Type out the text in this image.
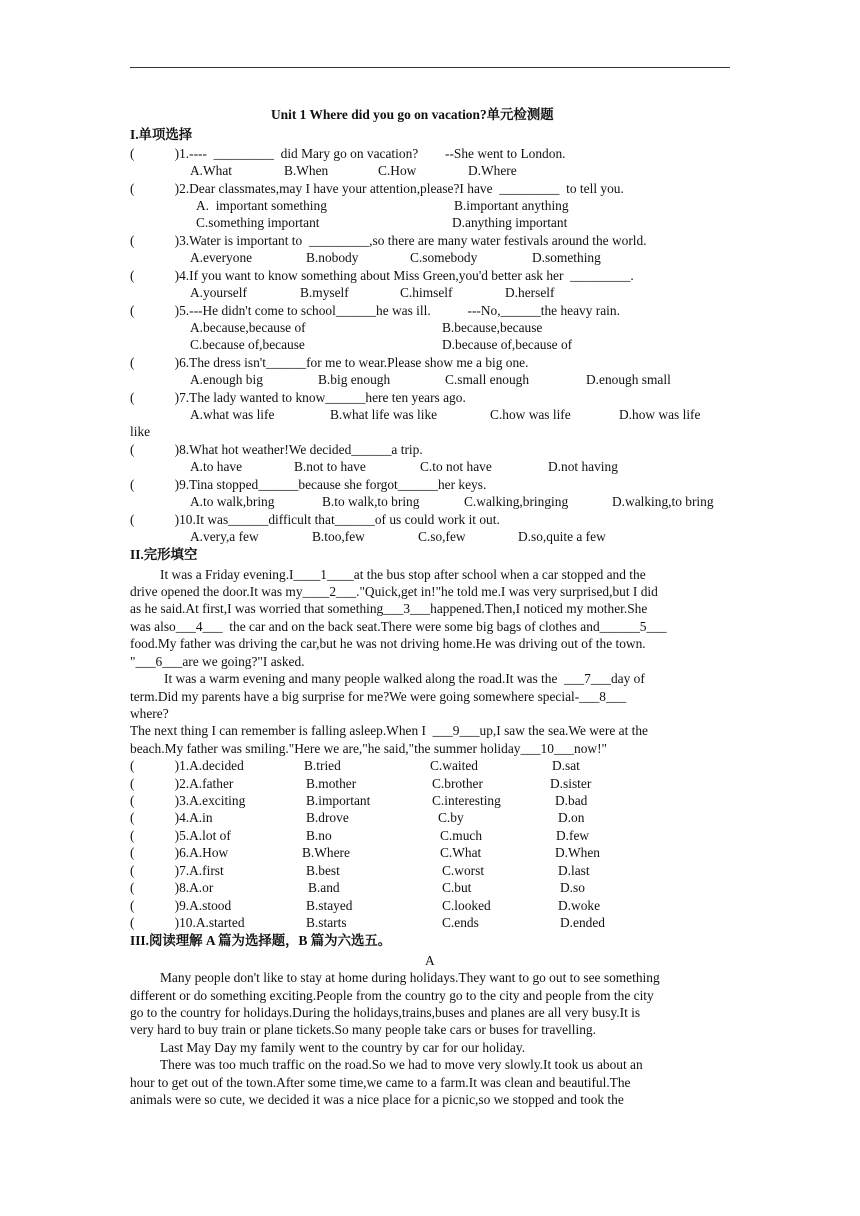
Unit 1 Where did you go on vacation?单元检测题
I.单项选择
(            )1.----  _________  did Mary go on vacation?        --She went to London.
A.What	B.When	C.How	D.Where
(            )2.Dear classmates,may I have your attention,please?I have  _________  to tell you.
A.  important something	B.important anything
C.something important	D.anything important
(            )3.Water is important to  _________,so there are many water festivals around the world.
A.everyone	B.nobody	C.somebody	D.something
(            )4.If you want to know something about Miss Green,you'd better ask her  _________.
A.yourself	B.myself	C.himself	D.herself
(            )5.---He didn't come to school______he was ill.           ---No,______the heavy rain.
A.because,because of	B.because,because
C.because of,because	D.because of,because of
(            )6.The dress isn't______for me to wear.Please show me a big one.
A.enough big	B.big enough	C.small enough	D.enough small
(            )7.The lady wanted to know______here ten years ago.
A.what was life	B.what life was like	C.how was life	D.how was life
like
(            )8.What hot weather!We decided______a trip.
A.to have	B.not to have	C.to not have	D.not having
(            )9.Tina stopped______because she forgot______her keys.
A.to walk,bring	B.to walk,to bring	C.walking,bringing	D.walking,to bring
(            )10.It was______difficult that______of us could work it out.
A.very,a few	B.too,few	C.so,few	D.so,quite a few
II.完形填空
It was a Friday evening.I____1____at the bus stop after school when a car stopped and the
drive opened the door.It was my____2___."Quick,get in!"he told me.I was very surprised,but I did
as he said.At first,I was worried that something___3___happened.Then,I noticed my mother.She
was also___4___  the car and on the back seat.There were some big bags of clothes and______5___
food.My father was driving the car,but he was not driving home.He was driving out of the town.
"___6___are we going?"I asked.
It was a warm evening and many people walked along the road.It was the  ___7___day of
term.Did my parents have a big surprise for me?We were going somewhere special-___8___
where?
The next thing I can remember is falling asleep.When I  ___9___up,I saw the sea.We were at the
beach.My father was smiling."Here we are,"he said,"the summer holiday___10___now!"
(            )1.A.decided	B.tried	C.waited	D.sat
(            )2.A.father	B.mother	C.brother	D.sister
(            )3.A.exciting	B.important	C.interesting	D.bad
(            )4.A.in	B.drove	C.by	D.on
(            )5.A.lot of	B.no	C.much	D.few
(            )6.A.How	B.Where	C.What	D.When
(            )7.A.first	B.best	C.worst	D.last
(            )8.A.or	B.and	C.but	D.so
(            )9.A.stood	B.stayed	C.looked	D.woke
(            )10.A.started	B.starts	C.ends	D.ended
III.阅读理解 A 篇为选择题，B 篇为六选五。
A
Many people don't like to stay at home during holidays.They want to go out to see something
different or do something exciting.People from the country go to the city and people from the city
go to the country for holidays.During the holidays,trains,buses and planes are all very busy.It is
very hard to buy train or plane tickets.So many people take cars or buses for travelling.
Last May Day my family went to the country by car for our holiday.
There was too much traffic on the road.So we had to move very slowly.It took us about an
hour to get out of the town.After some time,we came to a farm.It was clean and beautiful.The
animals were so cute, we decided it was a nice place for a picnic,so we stopped and took the
